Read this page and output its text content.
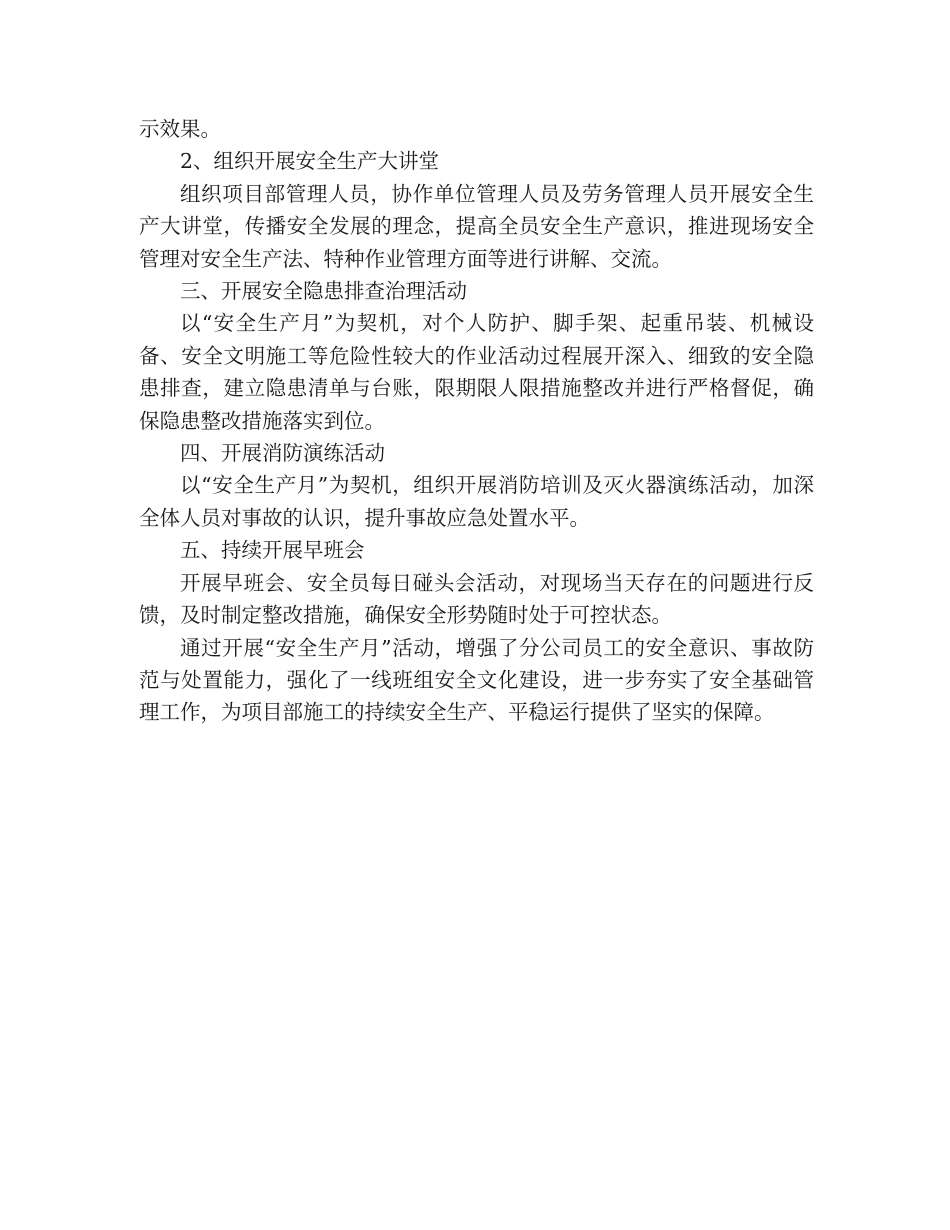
示效果。

2、组织开展安全生产大讲堂

组织项目部管理人员，协作单位管理人员及劳务管理人员开展安全生产大讲堂，传播安全发展的理念，提高全员安全生产意识，推进现场安全管理对安全生产法、特种作业管理方面等进行讲解、交流。

三、开展安全隐患排查治理活动

以“安全生产月”为契机，对个人防护、脚手架、起重吊装、机械设备、安全文明施工等危险性较大的作业活动过程展开深入、细致的安全隐患排查，建立隐患清单与台账，限期限人限措施整改并进行严格督促，确保隐患整改措施落实到位。

四、开展消防演练活动

以“安全生产月”为契机，组织开展消防培训及灭火器演练活动，加深全体人员对事故的认识，提升事故应急处置水平。

五、持续开展早班会

开展早班会、安全员每日碰头会活动，对现场当天存在的问题进行反馈，及时制定整改措施，确保安全形势随时处于可控状态。

通过开展“安全生产月”活动，增强了分公司员工的安全意识、事故防范与处置能力，强化了一线班组安全文化建设，进一步夯实了安全基础管理工作，为项目部施工的持续安全生产、平稳运行提供了坚实的保障。
